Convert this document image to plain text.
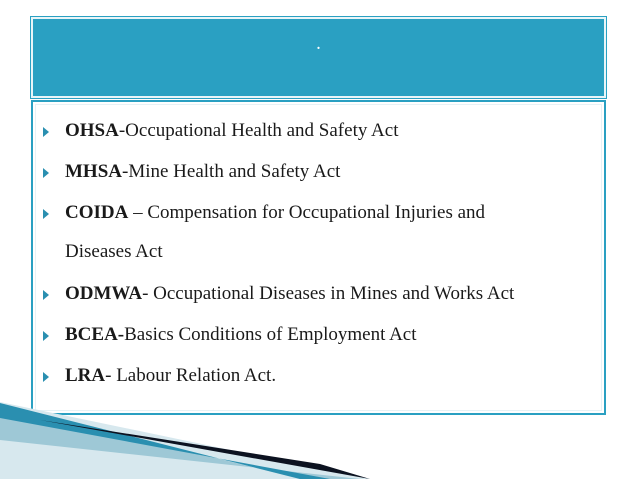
.
OHSA-Occupational Health and Safety Act
MHSA-Mine Health and Safety Act
COIDA – Compensation for Occupational Injuries and
Diseases Act
ODMWA- Occupational Diseases in Mines and Works Act
BCEA-Basics Conditions of Employment Act
LRA- Labour Relation Act.
